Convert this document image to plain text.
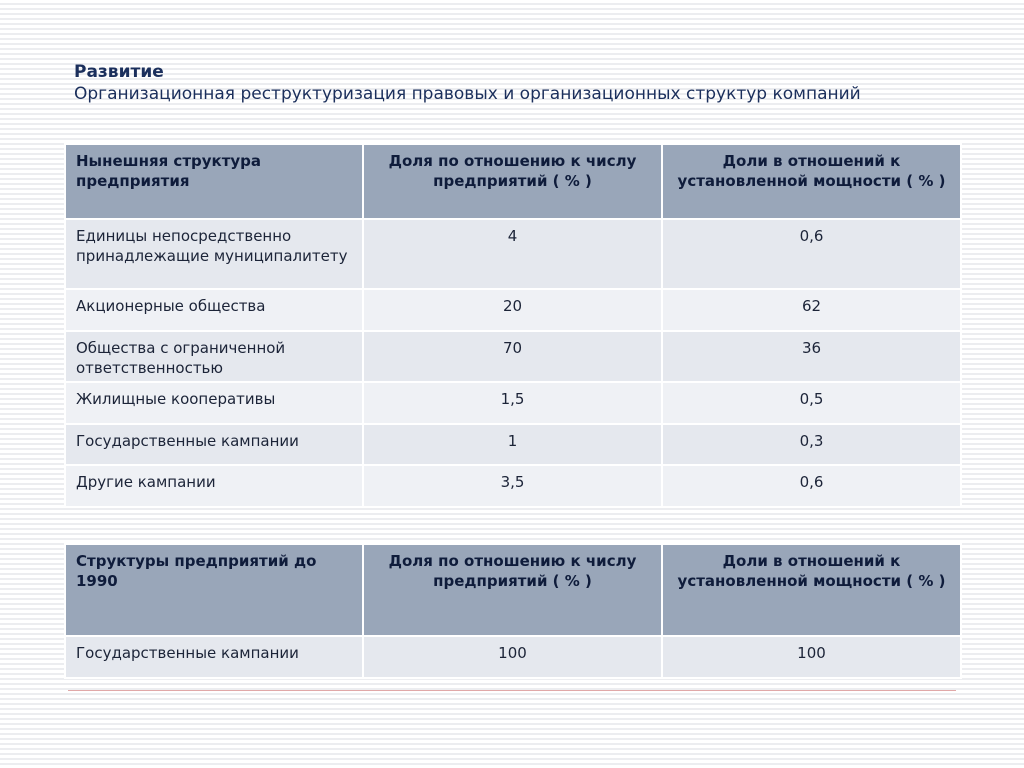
Развитие
Организационная реструктуризация правовых и организационных структур компаний
Нынешняя структура предприятия	Доля по отношению к числу предприятий ( % )	Доли в отношений к установленной мощности ( % )
Единицы непосредственно принадлежащие муниципалитету	4	0,6
Акционерные общества	20	62
Общества с ограниченной ответственностью	70	36
Жилищные кооперативы	1,5	0,5
Государственные кампании	1	0,3
Другие кампании	3,5	0,6
Структуры предприятий до 1990	Доля по отношению к числу предприятий ( % )	Доли в отношений к установленной мощности ( % )
Государственные кампании	100	100
